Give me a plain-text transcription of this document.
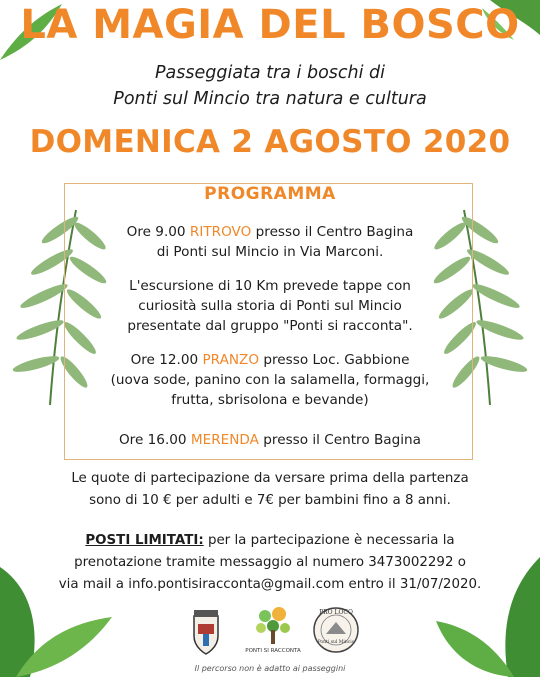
LA MAGIA DEL BOSCO
Passeggiata tra i boschi di
Ponti sul Mincio tra natura e cultura
DOMENICA 2 AGOSTO 2020
PROGRAMMA
Ore 9.00 RITROVO presso il Centro Bagina
di Ponti sul Mincio in Via Marconi.
L'escursione di 10 Km prevede tappe con
curiosità sulla storia di Ponti sul Mincio
presentate dal gruppo "Ponti si racconta".
Ore 12.00 PRANZO presso Loc. Gabbione
(uova sode, panino con la salamella, formaggi,
frutta, sbrisolona e bevande)
Ore 16.00 MERENDA presso il Centro Bagina
Le quote di partecipazione da versare prima della partenza
sono di 10 € per adulti e 7€ per bambini fino a 8 anni.
POSTI LIMITATI: per la partecipazione è necessaria la
prenotazione tramite messaggio al numero 3473002292 o
via mail a info.pontisiracconta@gmail.com entro il 31/07/2020.
PONTI SI RACCONTA
PRO LOCO
Ponti sul Mincio
Il percorso non è adatto ai passeggini
